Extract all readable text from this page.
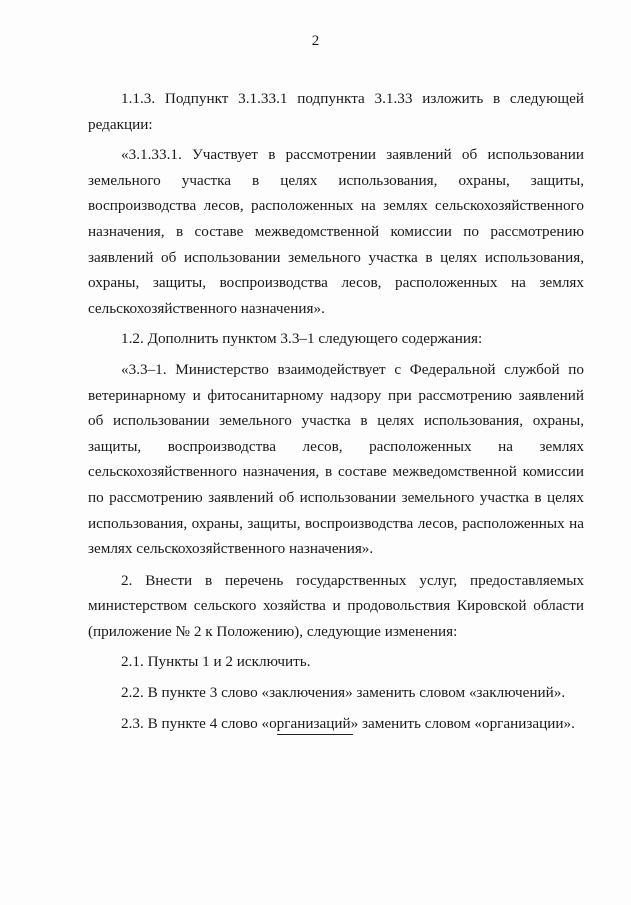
2

1.1.3. Подпункт 3.1.33.1 подпункта 3.1.33 изложить в следующей редакции:

«3.1.33.1. Участвует в рассмотрении заявлений об использовании земельного участка в целях использования, охраны, защиты, воспроизводства лесов, расположенных на землях сельскохозяйственного назначения, в составе межведомственной комиссии по рассмотрению заявлений об использовании земельного участка в целях использования, охраны, защиты, воспроизводства лесов, расположенных на землях сельскохозяйственного назначения».

1.2. Дополнить пунктом 3.3–1 следующего содержания:

«3.3–1. Министерство взаимодействует с Федеральной службой по ветеринарному и фитосанитарному надзору при рассмотрению заявлений об использовании земельного участка в целях использования, охраны, защиты, воспроизводства лесов, расположенных на землях сельскохозяйственного назначения, в составе межведомственной комиссии по рассмотрению заявлений об использовании земельного участка в целях использования, охраны, защиты, воспроизводства лесов, расположенных на землях сельскохозяйственного назначения».

2. Внести в перечень государственных услуг, предоставляемых министерством сельского хозяйства и продовольствия Кировской области (приложение № 2 к Положению), следующие изменения:

2.1. Пункты 1 и 2 исключить.

2.2. В пункте 3 слово «заключения» заменить словом «заключений».

2.3. В пункте 4 слово «организаций» заменить словом «организации».
